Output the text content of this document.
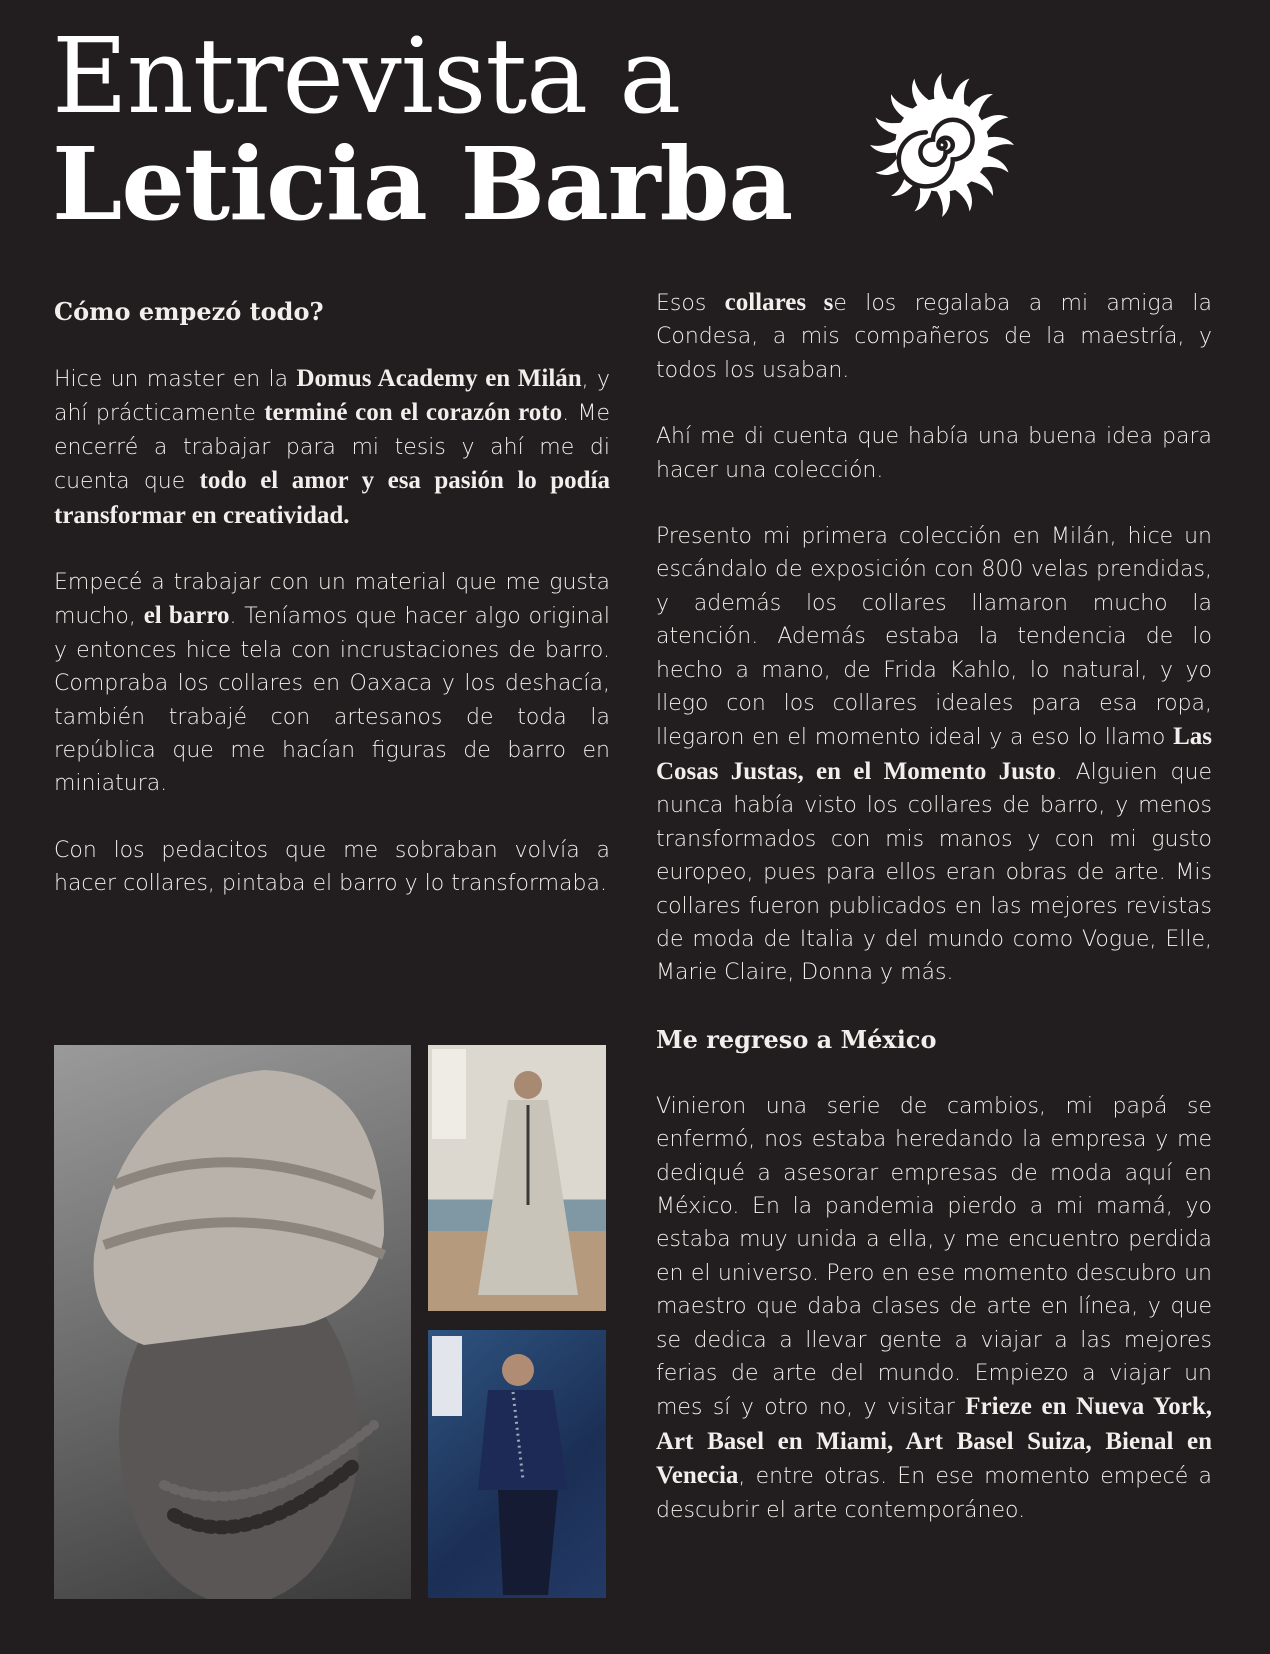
Entrevista a
Leticia Barba
Cómo empezó todo?

Hice un master en la Domus Academy en Milán, y ahí prácticamente terminé con el corazón roto. Me encerré a trabajar para mi tesis y ahí me di cuenta que todo el amor y esa pasión lo podía transformar en creatividad.

Empecé a trabajar con un material que me gusta mucho, el barro. Teníamos que hacer algo original y entonces hice tela con incrustaciones de barro. Compraba los collares en Oaxaca y los deshacía, también trabajé con artesanos de toda la república que me hacían figuras de barro en miniatura.

Con los pedacitos que me sobraban volvía a hacer collares, pintaba el barro y lo transformaba.

Esos collares se los regalaba a mi amiga la Condesa, a mis compañeros de la maestría, y todos los usaban.

Ahí me di cuenta que había una buena idea para hacer una colección.

Presento mi primera colección en Milán, hice un escándalo de exposición con 800 velas prendidas, y además los collares llamaron mucho la atención. Además estaba la tendencia de lo hecho a mano, de Frida Kahlo, lo natural, y yo llego con los collares ideales para esa ropa, llegaron en el momento ideal y a eso lo llamo Las Cosas Justas, en el Momento Justo. Alguien que nunca había visto los collares de barro, y menos transformados con mis manos y con mi gusto europeo, pues para ellos eran obras de arte. Mis collares fueron publicados en las mejores revistas de moda de Italia y del mundo como Vogue, Elle, Marie Claire, Donna y más.

Me regreso a México

Vinieron una serie de cambios, mi papá se enfermó, nos estaba heredando la empresa y me dediqué a asesorar empresas de moda aquí en México. En la pandemia pierdo a mi mamá, yo estaba muy unida a ella, y me encuentro perdida en el universo. Pero en ese momento descubro un maestro que daba clases de arte en línea, y que se dedica a llevar gente a viajar a las mejores ferias de arte del mundo. Empiezo a viajar un mes sí y otro no, y visitar Frieze en Nueva York, Art Basel en Miami, Art Basel Suiza, Bienal en Venecia, entre otras. En ese momento empecé a descubrir el arte contemporáneo.
